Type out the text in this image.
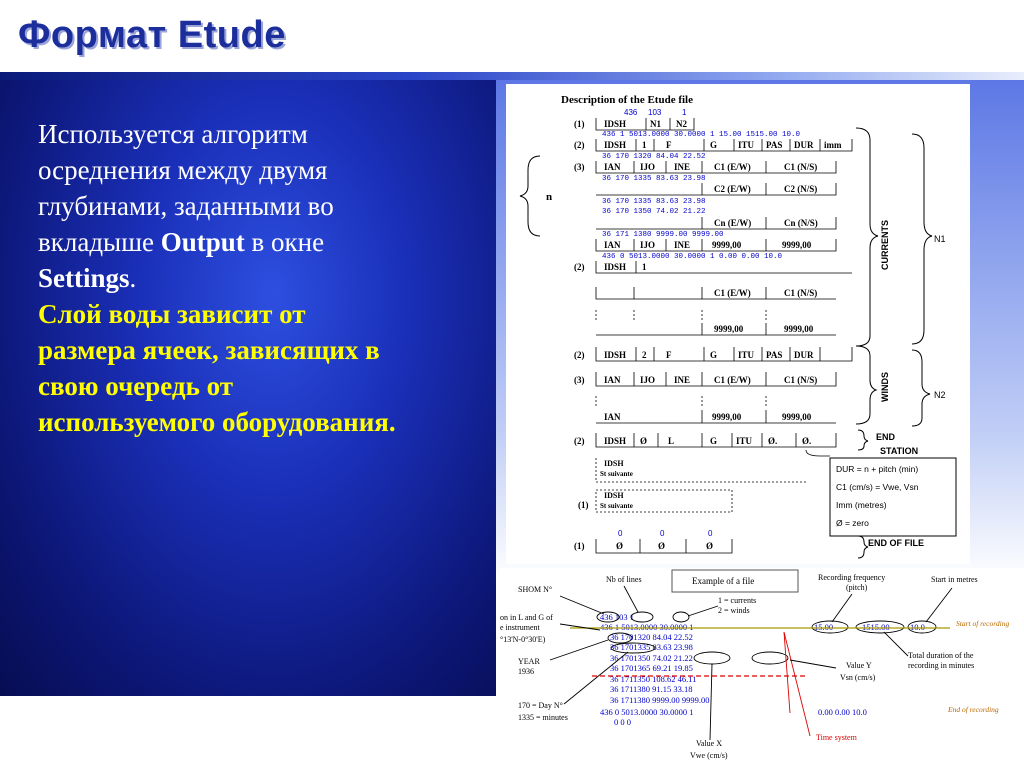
Формат Etude
Используется алгоритм
осреднения между двумя
глубинами, заданными во
вкладыше Output в окне
Settings.
Слой воды зависит от
размера ячеек, зависящих в
свою очередь от
используемого оборудования.
Description of the Etude file
436 103	1
(1) IDSH	N1 N2
436 1 5013.0000 30.0000 1 15.00 1515.00 10.0
(2) IDSH 1 F	G ITU PAS DUR imm
36 170 1320 84.04 22.52
(3) IAN IJO INE	C1 (E/W)	C1 (N/S)
36 170 1335 83.63 23.98
C2 (E/W)	C2 (N/S)
36 170 1335 83.63 23.98
36 170 1350 74.02 21.22
Cn (E/W)	Cn (N/S)
36 171 1380 9999.00 9999.00
IAN IJO INE 9999,00	9999,00
436 0 5013.0000 30.0000 1 0.00 0.00 10.0
(2) IDSH 1
C1 (E/W)	C1 (N/S)
9999,00	9999,00
(2) IDSH 2 F	G ITU PAS DUR
(3) IAN IJO INE	C1 (E/W)	C1 (N/S)
IAN	9999,00	9999,00
(2) IDSH Ø L	G ITU Ø.	Ø.
IDSH
St suivante
(1)
IDSH
St suivante
0	0	0
(1)	Ø	Ø	Ø
n
CURRENTS	N1
WINDS	N2
END
STATION
DUR = n + pitch (min)
C1 (cm/s) = Vwe, Vsn
Imm (metres)
Ø = zero
END OF FILE
SHOM N°
Nb of lines	Example of a file	Recording frequency
(pitch)
Start in metres
1 = currents
2 = winds
on in L and G of
e instrument
°13'N-0°30'E)
YEAR
1936
170 = Day N°
1335 = minutes
Value Y
Vsn (cm/s)
Value X
Vwe (cm/s)
Total duration of the
recording in minutes
Start of recording
End of recording
Time system
436 103 1
436 1 5013.0000 30.0000 1
36 1701320 84.04 22.52
36 1701335 83.63 23.98
36 1701350 74.02 21.22
36 1701365 69.21 19.85
36 1711350 108.62 46.11
36 1711380 91.15 33.18
36 1711380 9999.00 9999.00
436 0 5013.0000 30.0000 1
0 0 0
15.00	1515.00 10.0
0.00 0.00 10.0
